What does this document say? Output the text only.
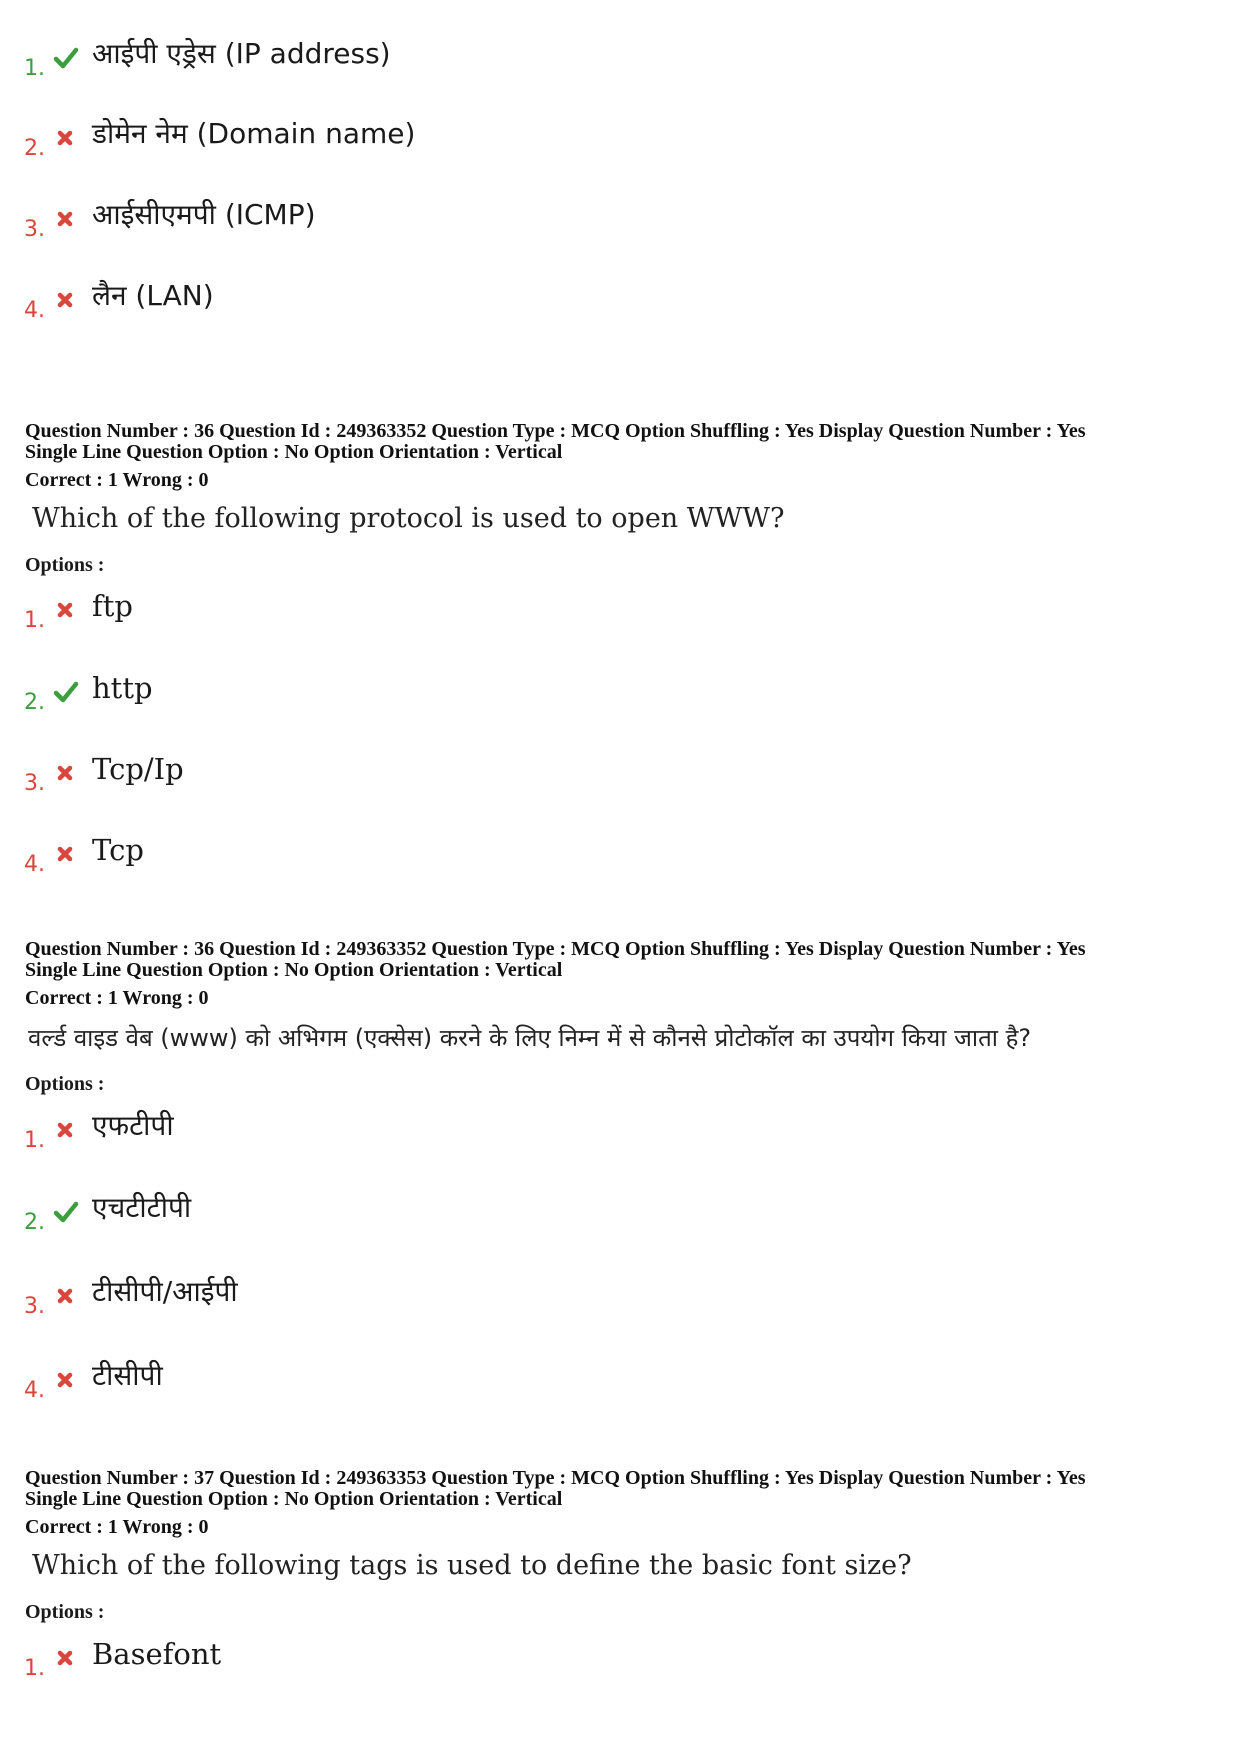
1. आईपी एड्रेस (IP address)
2. डोमेन नेम (Domain name)
3. आईसीएमपी (ICMP)
4. लैन (LAN)
Question Number : 36 Question Id : 249363352 Question Type : MCQ Option Shuffling : Yes Display Question Number : Yes
Single Line Question Option : No Option Orientation : Vertical
Correct : 1 Wrong : 0
Which of the following protocol is used to open WWW?
Options :
1. ftp
2. http
3. Tcp/Ip
4. Tcp
Question Number : 36 Question Id : 249363352 Question Type : MCQ Option Shuffling : Yes Display Question Number : Yes
Single Line Question Option : No Option Orientation : Vertical
Correct : 1 Wrong : 0
वर्ल्ड वाइड वेब (www) को अभिगम (एक्सेस) करने के लिए निम्न में से कौनसे प्रोटोकॉल का उपयोग किया जाता है?
Options :
1. एफटीपी
2. एचटीटीपी
3. टीसीपी/आईपी
4. टीसीपी
Question Number : 37 Question Id : 249363353 Question Type : MCQ Option Shuffling : Yes Display Question Number : Yes
Single Line Question Option : No Option Orientation : Vertical
Correct : 1 Wrong : 0
Which of the following tags is used to define the basic font size?
Options :
1. Basefont
